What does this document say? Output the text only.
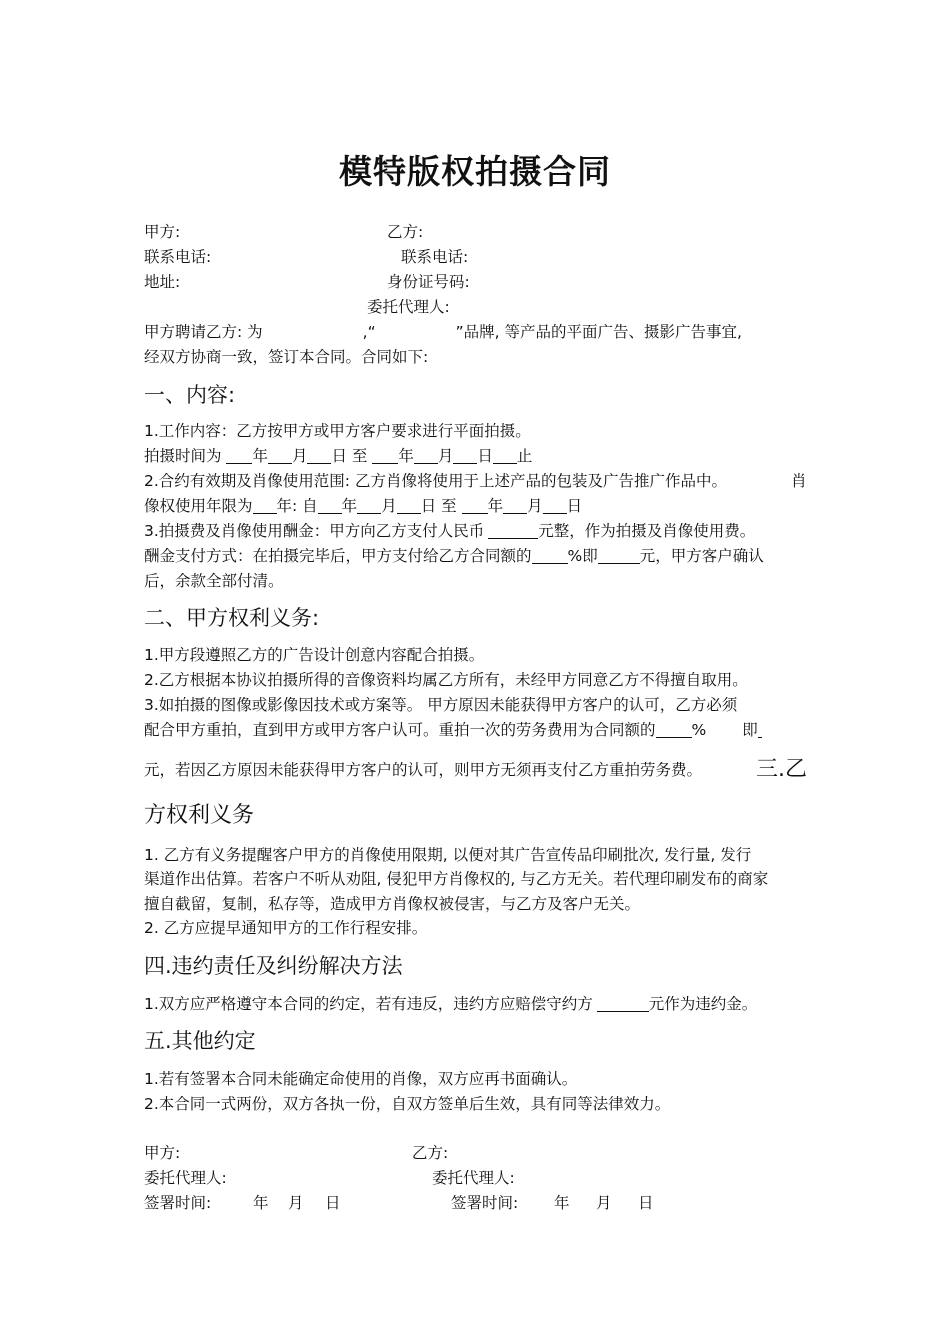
模特版权拍摄合同
甲方:	乙方:
联系电话:	联系电话:
地址:	身份证号码:
委托代理人:
甲方聘请乙方: 为	,“	”品牌, 等产品的平面广告、摄影广告事宜,
经双方协商一致，签订本合同。合同如下:
一、内容:
1.工作内容：乙方按甲方或甲方客户要求进行平面拍摄。
拍摄时间为 年 月 日 至 年 月 日 止
2.合约有效期及肖像使用范围: 乙方肖像将使用于上述产品的包装及广告推广作品中。	肖
像权使用年限为 年: 自 年 月 日 至 年 月 日
3.拍摄费及肖像使用酬金：甲方向乙方支付人民币	元整，作为拍摄及肖像使用费。
酬金支付方式：在拍摄完毕后，甲方支付给乙方合同额的 %即	元，甲方客户确认
后，余款全部付清。
二、甲方权利义务:
1.甲方段遵照乙方的广告设计创意内容配合拍摄。
2.乙方根据本协议拍摄所得的音像资料均属乙方所有，未经甲方同意乙方不得擅自取用。
3.如拍摄的图像或影像因技术或方案等。 甲方原因未能获得甲方客户的认可，乙方必须
配合甲方重拍，直到甲方或甲方客户认可。重拍一次的劳务费用为合同额的 % 即
元，若因乙方原因未能获得甲方客户的认可，则甲方无须再支付乙方重拍劳务费。 三.乙
方权利义务
1. 乙方有义务提醒客户甲方的肖像使用限期, 以便对其广告宣传品印刷批次, 发行量, 发行
渠道作出估算。若客户不听从劝阻, 侵犯甲方肖像权的, 与乙方无关。若代理印刷发布的商家
擅自截留，复制，私存等，造成甲方肖像权被侵害，与乙方及客户无关。
2. 乙方应提早通知甲方的工作行程安排。
四.违约责任及纠纷解决方法
1.双方应严格遵守本合同的约定，若有违反，违约方应赔偿守约方	元作为违约金。
五.其他约定
1.若有签署本合同未能确定命使用的肖像，双方应再书面确认。
2.本合同一式两份，双方各执一份，自双方签单后生效，具有同等法律效力。
甲方:	乙方:
委托代理人:	委托代理人:
签署时间:	年 月 日	签署时间: 年 月 日
